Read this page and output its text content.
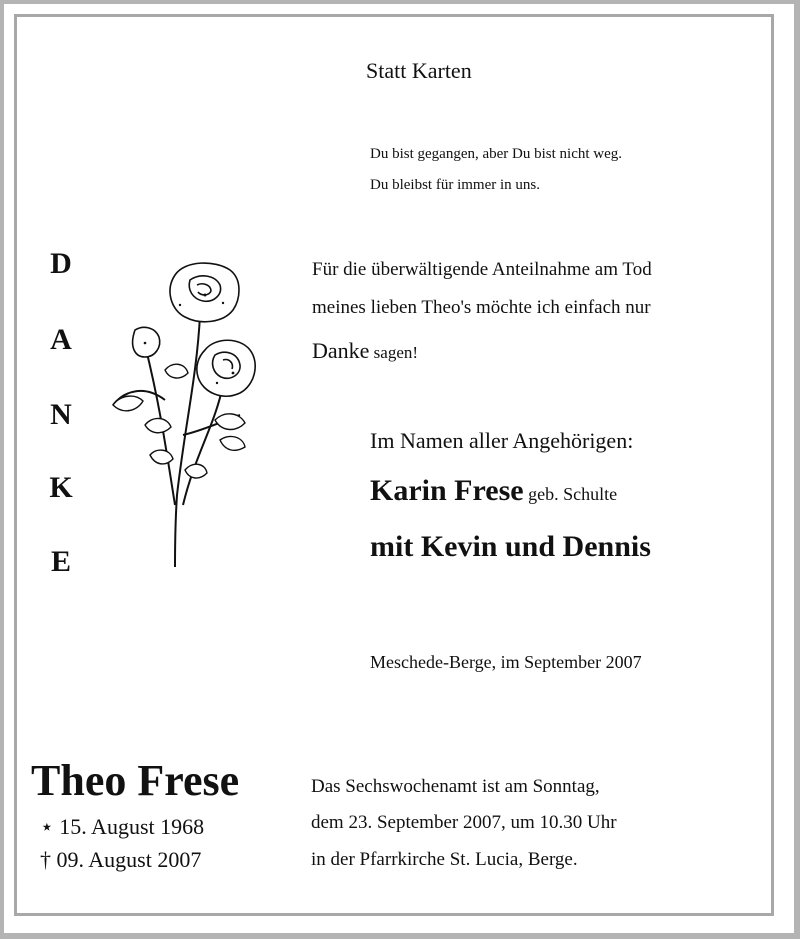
Statt Karten
Du bist gegangen, aber Du bist nicht weg.
Du bleibst für immer in uns.
D
A
N
K
E
Für die überwältigende Anteilnahme am Tod
meines lieben Theo's möchte ich einfach nur
Danke sagen!
Im Namen aller Angehörigen:
Karin Frese geb. Schulte
mit Kevin und Dennis
Meschede-Berge, im September 2007
Theo Frese
⋆ 15. August 1968
† 09. August 2007
Das Sechswochenamt ist am Sonntag,
dem 23. September 2007, um 10.30 Uhr
in der Pfarrkirche St. Lucia, Berge.
